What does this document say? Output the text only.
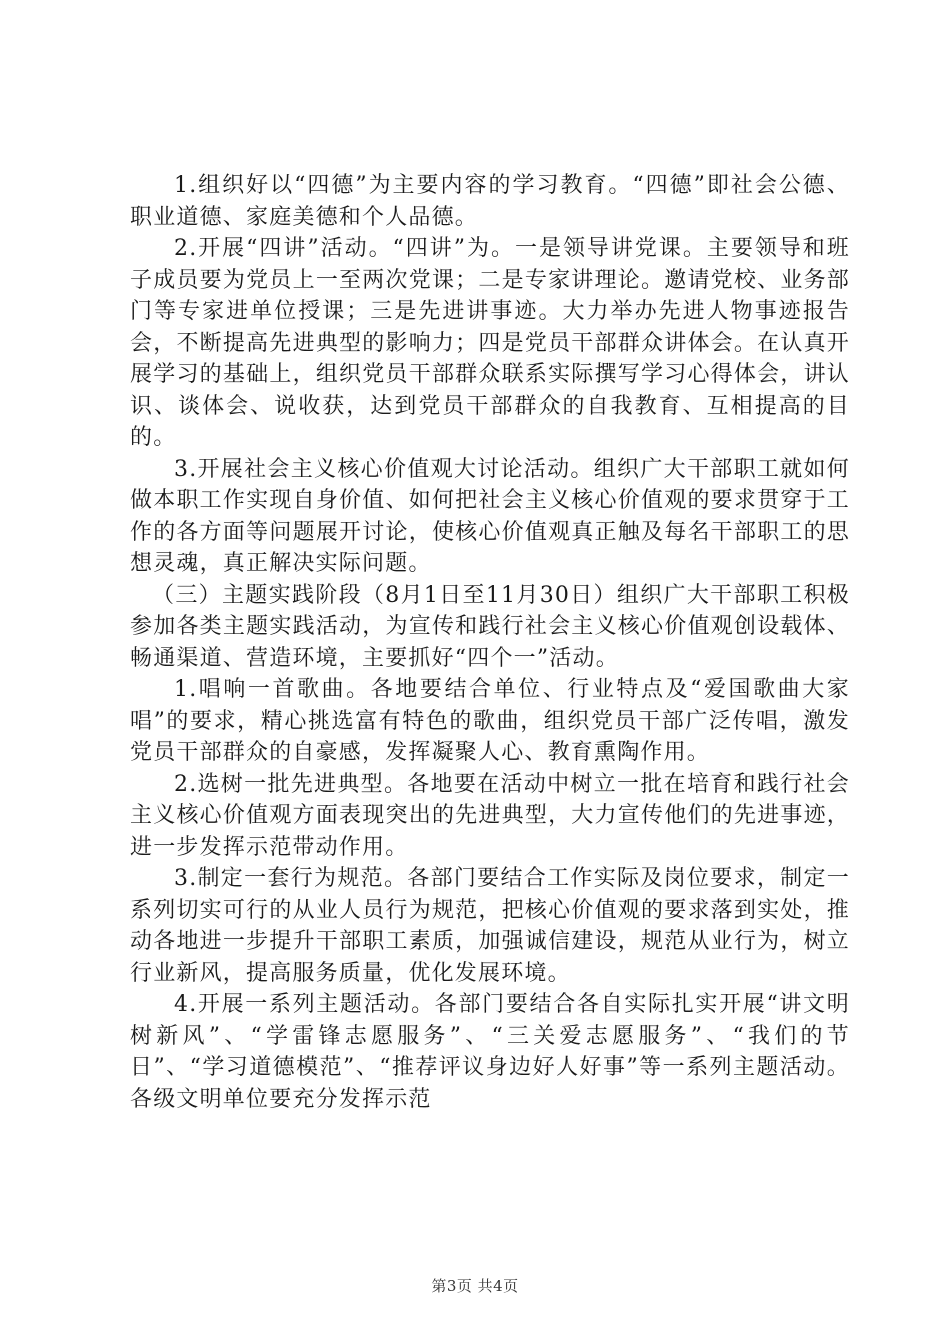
1.组织好以“四德”为主要内容的学习教育。“四德”即社会公德、职业道德、家庭美德和个人品德。

2.开展“四讲”活动。“四讲”为。一是领导讲党课。主要领导和班子成员要为党员上一至两次党课；二是专家讲理论。邀请党校、业务部门等专家进单位授课；三是先进讲事迹。大力举办先进人物事迹报告会，不断提高先进典型的影响力；四是党员干部群众讲体会。在认真开展学习的基础上，组织党员干部群众联系实际撰写学习心得体会，讲认识、谈体会、说收获，达到党员干部群众的自我教育、互相提高的目的。

3.开展社会主义核心价值观大讨论活动。组织广大干部职工就如何做本职工作实现自身价值、如何把社会主义核心价值观的要求贯穿于工作的各方面等问题展开讨论，使核心价值观真正触及每名干部职工的思想灵魂，真正解决实际问题。

（三）主题实践阶段（8月1日至11月30日）组织广大干部职工积极参加各类主题实践活动，为宣传和践行社会主义核心价值观创设载体、畅通渠道、营造环境，主要抓好“四个一”活动。

1.唱响一首歌曲。各地要结合单位、行业特点及“爱国歌曲大家唱”的要求，精心挑选富有特色的歌曲，组织党员干部广泛传唱，激发党员干部群众的自豪感，发挥凝聚人心、教育熏陶作用。

2.选树一批先进典型。各地要在活动中树立一批在培育和践行社会主义核心价值观方面表现突出的先进典型，大力宣传他们的先进事迹，进一步发挥示范带动作用。

3.制定一套行为规范。各部门要结合工作实际及岗位要求，制定一系列切实可行的从业人员行为规范，把核心价值观的要求落到实处，推动各地进一步提升干部职工素质，加强诚信建设，规范从业行为，树立行业新风，提高服务质量，优化发展环境。

4.开展一系列主题活动。各部门要结合各自实际扎实开展“讲文明树新风”、“学雷锋志愿服务”、“三关爱志愿服务”、“我们的节日”、“学习道德模范”、“推荐评议身边好人好事”等一系列主题活动。各级文明单位要充分发挥示范

第3页 共4页
